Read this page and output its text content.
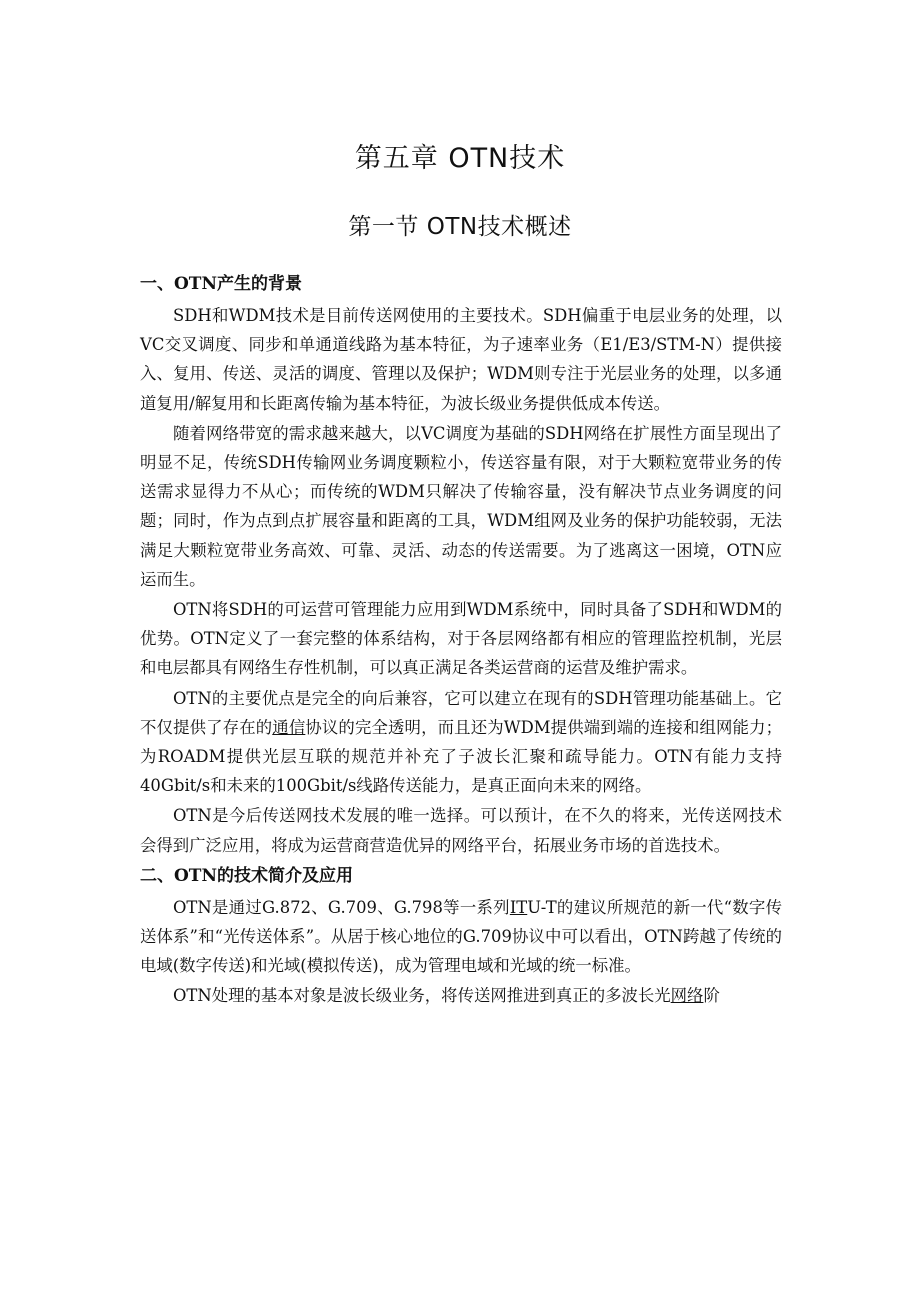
第五章 OTN技术
第一节 OTN技术概述
一、OTN产生的背景

SDH和WDM技术是目前传送网使用的主要技术。SDH偏重于电层业务的处理，以VC交叉调度、同步和单通道线路为基本特征，为子速率业务（E1/E3/STM-N）提供接入、复用、传送、灵活的调度、管理以及保护；WDM则专注于光层业务的处理，以多通道复用/解复用和长距离传输为基本特征，为波长级业务提供低成本传送。

随着网络带宽的需求越来越大，以VC调度为基础的SDH网络在扩展性方面呈现出了明显不足，传统SDH传输网业务调度颗粒小，传送容量有限，对于大颗粒宽带业务的传送需求显得力不从心；而传统的WDM只解决了传输容量，没有解决节点业务调度的问题；同时，作为点到点扩展容量和距离的工具，WDM组网及业务的保护功能较弱，无法满足大颗粒宽带业务高效、可靠、灵活、动态的传送需要。为了逃离这一困境，OTN应运而生。

OTN将SDH的可运营可管理能力应用到WDM系统中，同时具备了SDH和WDM的优势。OTN定义了一套完整的体系结构，对于各层网络都有相应的管理监控机制，光层和电层都具有网络生存性机制，可以真正满足各类运营商的运营及维护需求。

OTN的主要优点是完全的向后兼容，它可以建立在现有的SDH管理功能基础上。它不仅提供了存在的通信协议的完全透明，而且还为WDM提供端到端的连接和组网能力；为ROADM提供光层互联的规范并补充了子波长汇聚和疏导能力。OTN有能力支持40Gbit/s和未来的100Gbit/s线路传送能力，是真正面向未来的网络。

OTN是今后传送网技术发展的唯一选择。可以预计，在不久的将来，光传送网技术会得到广泛应用，将成为运营商营造优异的网络平台，拓展业务市场的首选技术。

二、OTN的技术简介及应用

OTN是通过G.872、G.709、G.798等一系列ITU-T的建议所规范的新一代“数字传送体系”和“光传送体系”。从居于核心地位的G.709协议中可以看出，OTN跨越了传统的电域(数字传送)和光域(模拟传送)，成为管理电域和光域的统一标准。

OTN处理的基本对象是波长级业务，将传送网推进到真正的多波长光网络阶
